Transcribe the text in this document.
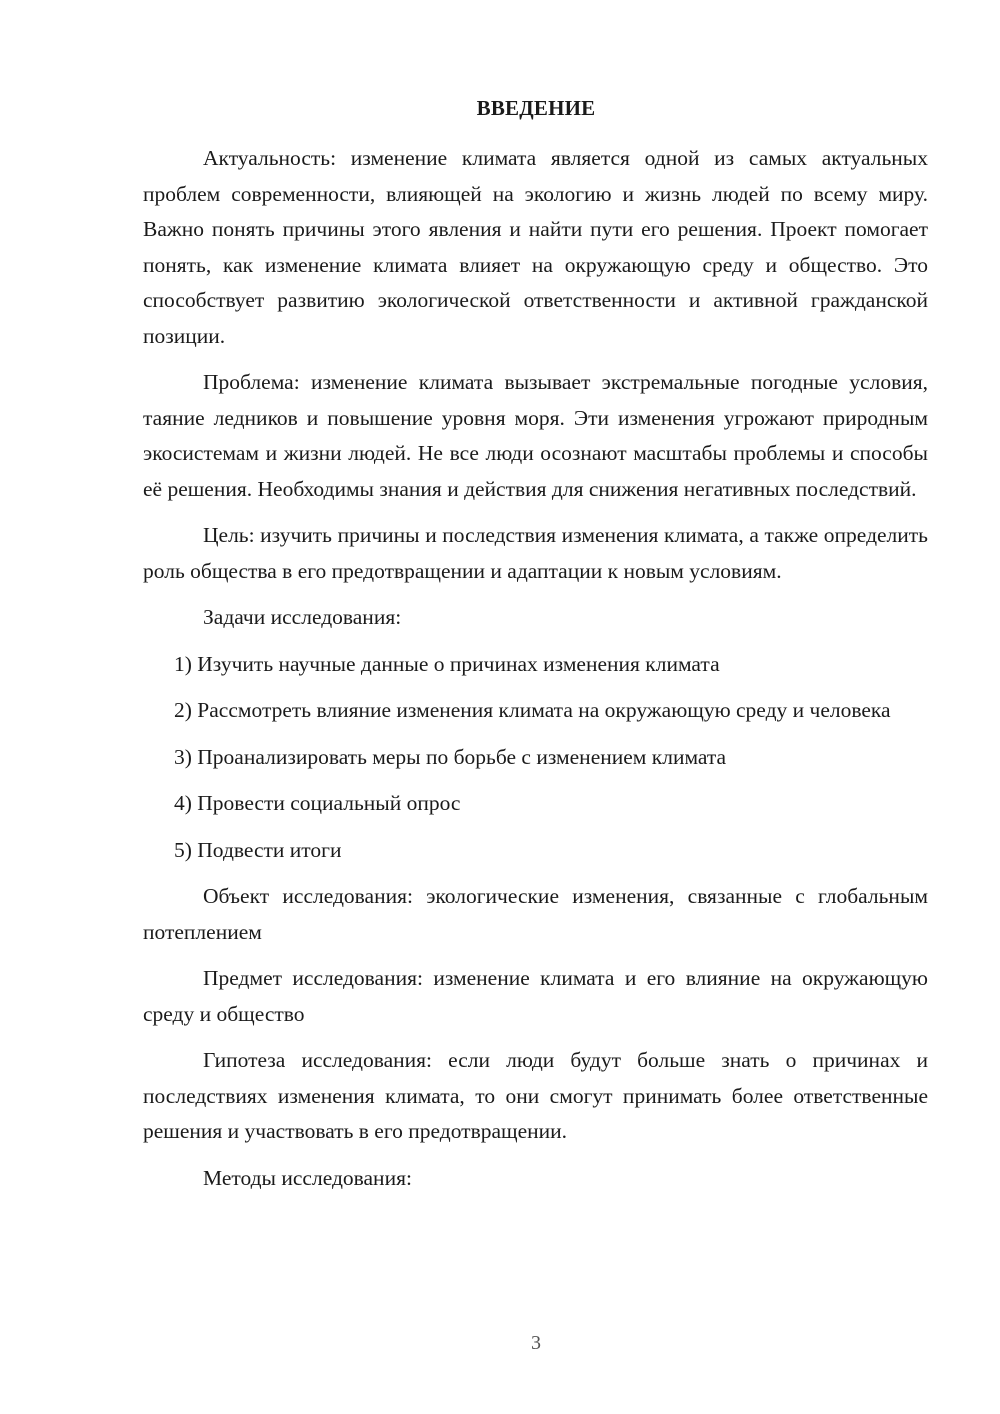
ВВЕДЕНИЕ

Актуальность: изменение климата является одной из самых актуальных проблем современности, влияющей на экологию и жизнь людей по всему миру. Важно понять причины этого явления и найти пути его решения. Проект помогает понять, как изменение климата влияет на окружающую среду и общество. Это способствует развитию экологической ответственности и активной гражданской позиции.

Проблема: изменение климата вызывает экстремальные погодные условия, таяние ледников и повышение уровня моря. Эти изменения угрожают природным экосистемам и жизни людей. Не все люди осознают масштабы проблемы и способы её решения. Необходимы знания и действия для снижения негативных последствий.

Цель: изучить причины и последствия изменения климата, а также определить роль общества в его предотвращении и адаптации к новым условиям.

Задачи исследования:

1) Изучить научные данные о причинах изменения климата

2) Рассмотреть влияние изменения климата на окружающую среду и человека

3) Проанализировать меры по борьбе с изменением климата

4) Провести социальный опрос

5) Подвести итоги

Объект исследования: экологические изменения, связанные с глобальным потеплением

Предмет исследования: изменение климата и его влияние на окружающую среду и общество

Гипотеза исследования: если люди будут больше знать о причинах и последствиях изменения климата, то они смогут принимать более ответственные решения и участвовать в его предотвращении.

Методы исследования:

3
